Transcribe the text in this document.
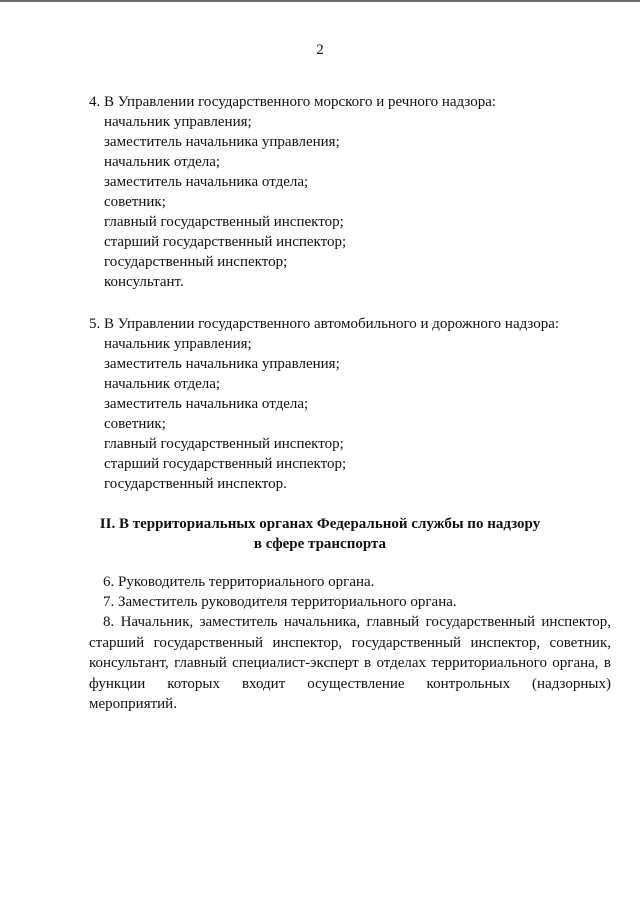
2
4. В Управлении государственного морского и речного надзора:
начальник управления;
заместитель начальника управления;
начальник отдела;
заместитель начальника отдела;
советник;
главный государственный инспектор;
старший государственный инспектор;
государственный инспектор;
консультант.
5. В Управлении государственного автомобильного и дорожного надзора:
начальник управления;
заместитель начальника управления;
начальник отдела;
заместитель начальника отдела;
советник;
главный государственный инспектор;
старший государственный инспектор;
государственный инспектор.
II. В территориальных органах Федеральной службы по надзору
в сфере транспорта
6. Руководитель территориального органа.
7. Заместитель руководителя территориального органа.
8. Начальник, заместитель начальника, главный государственный инспектор, старший государственный инспектор, государственный инспектор, советник, консультант, главный специалист-эксперт в отделах территориального органа, в функции которых входит осуществление контрольных (надзорных) мероприятий.
